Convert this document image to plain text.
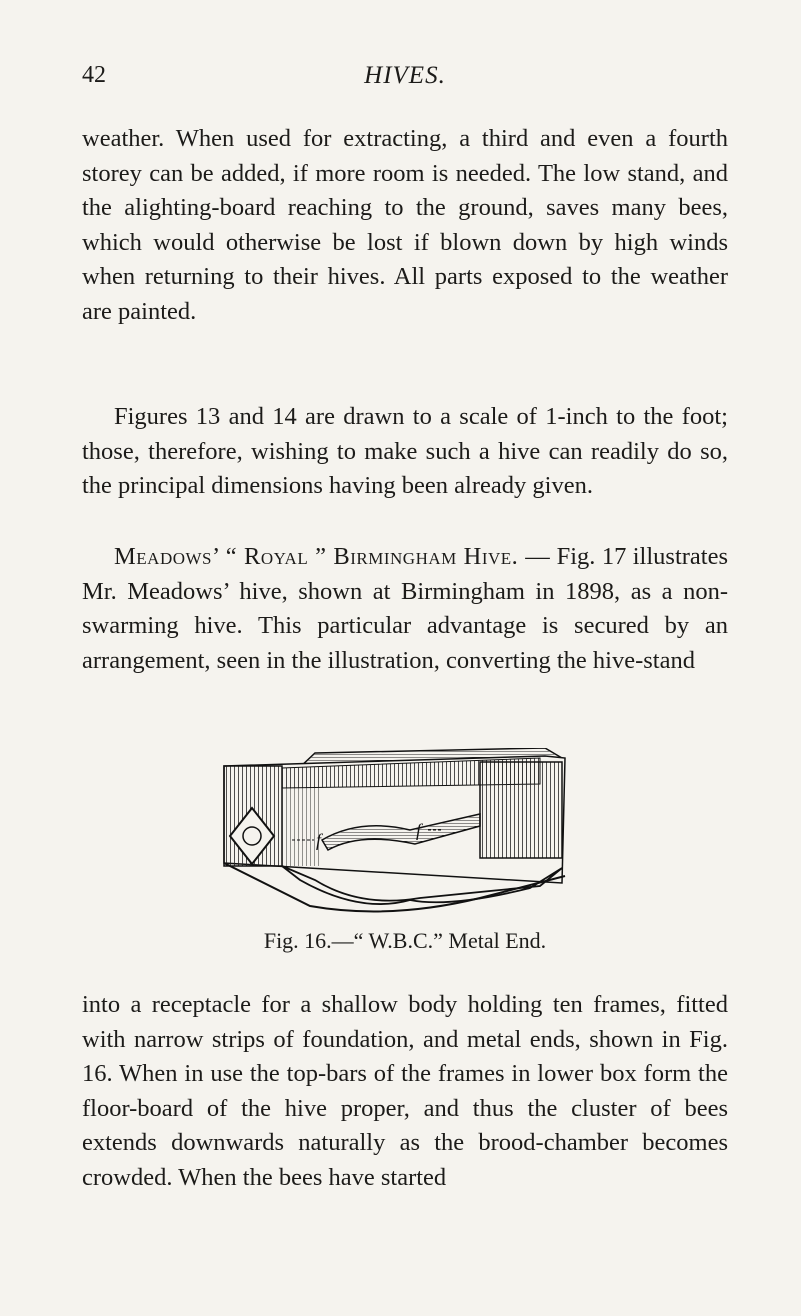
42	HIVES.

weather. When used for extracting, a third and even a fourth storey can be added, if more room is needed. The low stand, and the alighting-board reaching to the ground, saves many bees, which would otherwise be lost if blown down by high winds when returning to their hives. All parts exposed to the weather are painted.

Figures 13 and 14 are drawn to a scale of 1-inch to the foot; those, therefore, wishing to make such a hive can readily do so, the principal dimensions having been already given.

Meadows’ “ Royal ” Birmingham Hive. — Fig. 17 illustrates Mr. Meadows’ hive, shown at Birmingham in 1898, as a non-swarming hive. This particular advantage is secured by an arrangement, seen in the illustration, converting the hive-stand

f	f
Fig. 16.—“ W.B.C.” Metal End.

into a receptacle for a shallow body holding ten frames, fitted with narrow strips of foundation, and metal ends, shown in Fig. 16. When in use the top-bars of the frames in lower box form the floor-board of the hive proper, and thus the cluster of bees extends downwards naturally as the brood-chamber becomes crowded. When the bees have started
